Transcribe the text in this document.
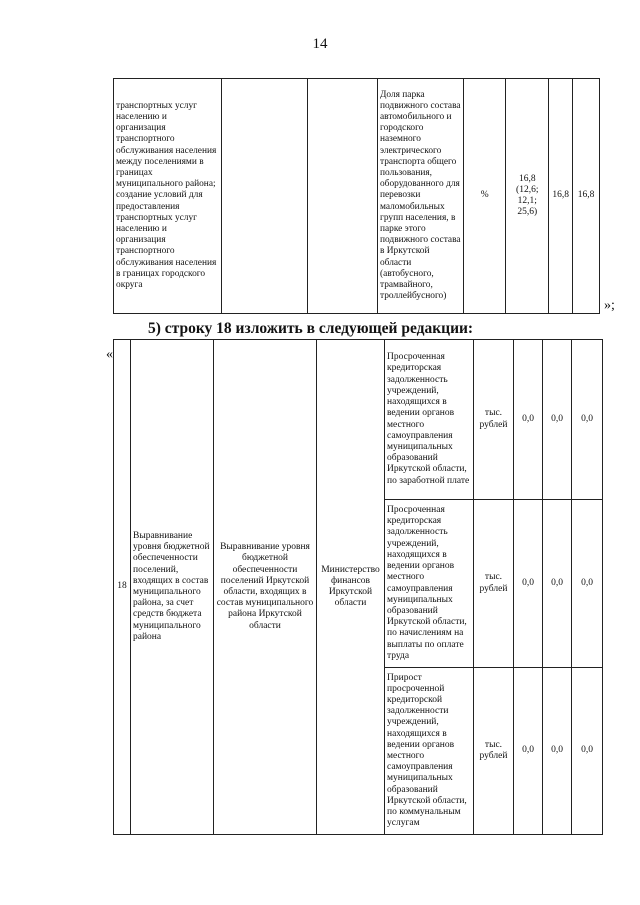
14
транспортных услуг населению и организация транспортного обслуживания населения между поселениями в границах муниципального района; создание условий для предоставления транспортных услуг населению и организация транспортного обслуживания населения в границах городского округа			Доля парка подвижного состава автомобильного и городского наземного электрического транспорта общего пользования, оборудованного для перевозки маломобильных групп населения, в парке этого подвижного состава в Иркутской области (автобусного, трамвайного, троллейбусного)	%	16,8 (12,6; 12,1; 25,6)	16,8	16,8
»;
5) строку 18 изложить в следующей редакции:
«
18	Выравнивание уровня бюджетной обеспеченности поселений, входящих в состав муниципального района, за счет средств бюджета муниципального района	Выравнивание уровня бюджетной обеспеченности поселений Иркутской области, входящих в состав муниципального района Иркутской области	Министерство финансов Иркутской области	Просроченная кредиторская задолженность учреждений, находящихся в ведении органов местного самоуправления муниципальных образований Иркутской области, по заработной плате	тыс. рублей	0,0	0,0	0,0
				Просроченная кредиторская задолженность учреждений, находящихся в ведении органов местного самоуправления муниципальных образований Иркутской области, по начислениям на выплаты по оплате труда	тыс. рублей	0,0	0,0	0,0
				Прирост просроченной кредиторской задолженности учреждений, находящихся в ведении органов местного самоуправления муниципальных образований Иркутской области, по коммунальным услугам	тыс. рублей	0,0	0,0	0,0
